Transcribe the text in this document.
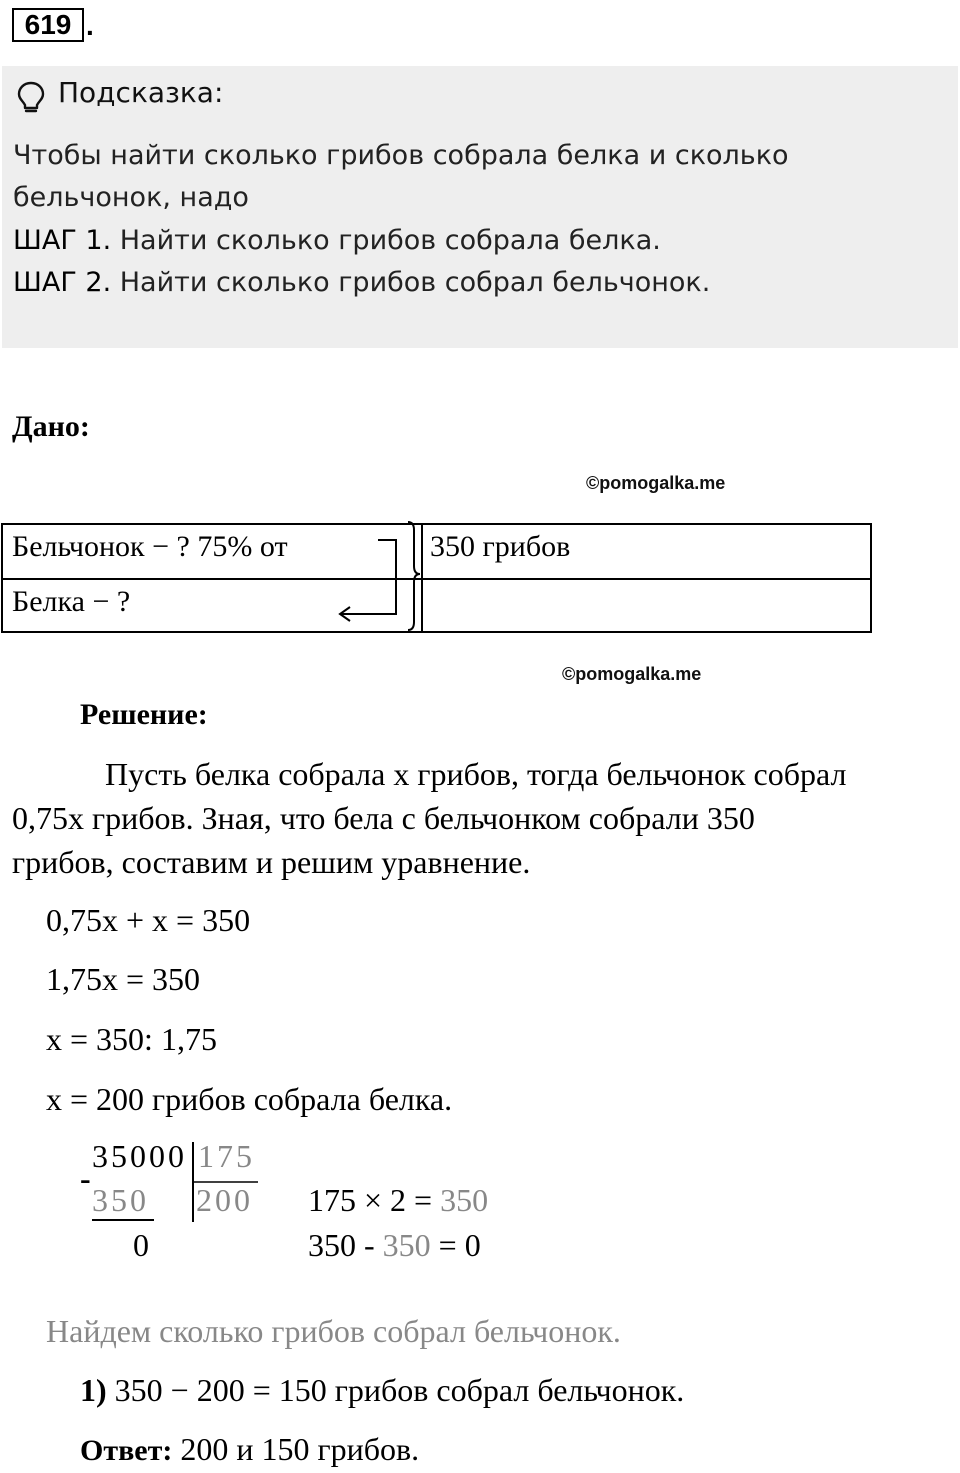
619 .
Подсказка:
Чтобы найти сколько грибов собрала белка и сколько
бельчонок, надо
ШАГ 1. Найти сколько грибов собрала белка.
ШАГ 2. Найти сколько грибов собрал бельчонок.
Дано:
©pomogalka.me
Бельчонок − ? 75% от	350 грибов
Белка − ?
©pomogalka.me
Решение:
Пусть белка собрала x грибов, тогда бельчонок собрал
0,75x грибов. Зная, что бела с бельчонком собрали 350
грибов, составим и решим уравнение.
0,75x + x = 350
1,75x = 350
x = 350: 1,75
x = 200 грибов собрала белка.
35000 175
-
350 200
0
175 × 2 = 350
350 - 350 = 0
Найдем сколько грибов собрал бельчонок.
1) 350 − 200 = 150 грибов собрал бельчонок.
Ответ: 200 и 150 грибов.
